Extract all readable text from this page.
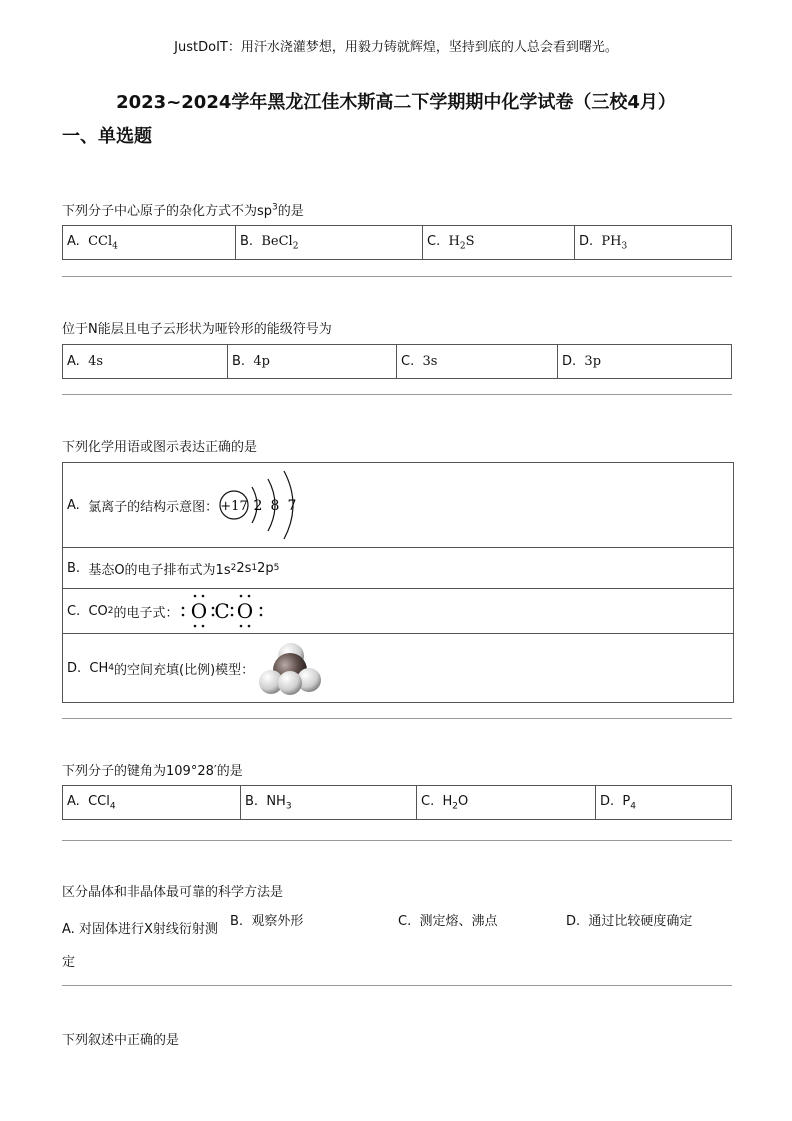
JustDoIT：用汗水浇灌梦想，用毅力铸就辉煌，坚持到底的人总会看到曙光。
2023~2024学年黑龙江佳木斯高二下学期期中化学试卷（三校4月）
一、单选题
下列分子中心原子的杂化方式不为$sp^3$的是
A. CCl$_4$	B. BeCl$_2$	C. $H_2S$	D. $PH_3$
位于N能层且电子云形状为哑铃形的能级符号为
A. 4s	B. 4p	C. 3s	D. 3p
下列化学用语或图示表达正确的是
A.
氯离子的结构示意图： +17 2 8 7
B.
基态O的电子排布式为1s 2 2s 1 2p 5
C.
CO 2 的电子式： O C O
D.
CH 4 的空间充填(比例)模型：
下列分子的键角为109°28′的是
A. CCl$_4$	B. $NH_3$	C. $H_2O$	D. $P_4$
区分晶体和非晶体最可靠的科学方法是
A. 对固体进行X射线衍射测定
B. 观察外形	C. 测定熔、沸点	D. 通过比较硬度确定
下列叙述中正确的是
